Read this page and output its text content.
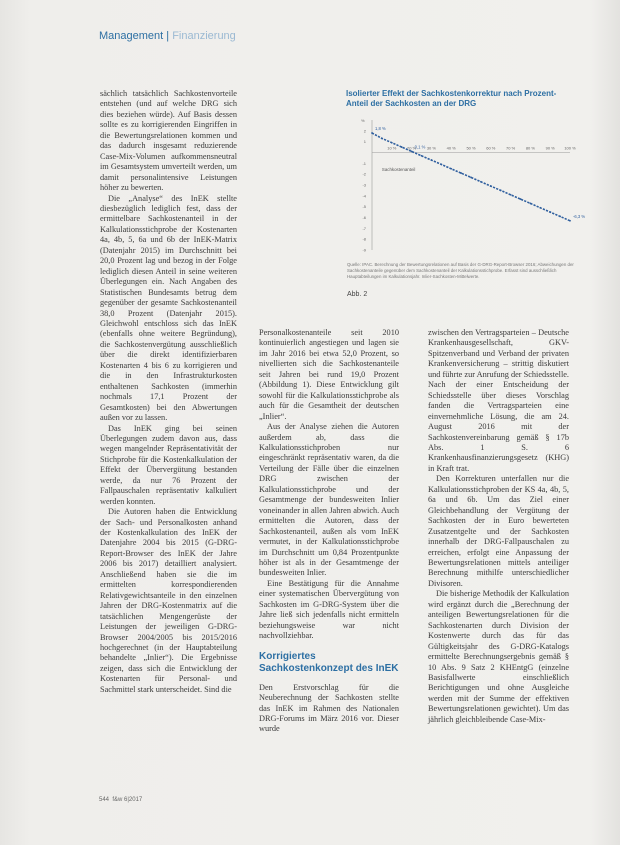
Management | Finanzierung

sächlich tatsächlich Sachkostenvorteile entstehen (und auf welche DRG sich dies beziehen würde). Auf Basis dessen sollte es zu korrigierenden Eingriffen in die Bewertungsrelationen kommen und das dadurch insgesamt reduzierende Case-Mix-Volumen aufkommensneutral im Gesamtsystem umverteilt werden, um damit personalintensive Leistungen höher zu bewerten.

Die „Analyse“ des InEK stellte diesbezüglich lediglich fest, dass der ermittelbare Sachkostenanteil in der Kalkulationsstichprobe der Kostenarten 4a, 4b, 5, 6a und 6b der InEK-Matrix (Datenjahr 2015) im Durchschnitt bei 20,0 Prozent lag und bezog in der Folge lediglich diesen Anteil in seine weiteren Überlegungen ein. Nach Angaben des Statistischen Bundesamts betrug dem gegenüber der gesamte Sachkostenanteil 38,0 Prozent (Datenjahr 2015). Gleichwohl entschloss sich das InEK (ebenfalls ohne weitere Begründung), die Sachkostenvergütung ausschließlich über die direkt identifizierbaren Kostenarten 4 bis 6 zu korrigieren und die in den Infrastrukturkosten enthaltenen Sachkosten (immerhin nochmals 17,1 Prozent der Gesamtkosten) bei den Abwertungen außen vor zu lassen.

Das InEK ging bei seinen Überlegungen zudem davon aus, dass wegen mangelnder Repräsentativität der Stichprobe für die Kostenkalkulation der Effekt der Übervergütung bestanden werde, da nur 76 Prozent der Fallpauschalen repräsentativ kalkuliert werden konnten.

Die Autoren haben die Entwicklung der Sach- und Personalkosten anhand der Kostenkalkulation des InEK der Datenjahre 2004 bis 2015 (G-DRG-Report-Browser des InEK der Jahre 2006 bis 2017) detailliert analysiert. Anschließend haben sie die im ermittelten korrespondierenden Relativgewichtsanteile in den einzelnen Jahren der DRG-Kostenmatrix auf die tatsächlichen Mengengerüste der Leistungen der jeweiligen G-DRG-Browser 2004/2005 bis 2015/2016 hochgerechnet (in der Hauptabteilung behandelte „Inlier“). Die Ergebnisse zeigen, dass sich die Entwicklung der Kostenarten für Personal- und Sachmittel stark unterscheidet. Sind die

Isolierter Effekt der Sachkostenkorrektur nach Prozent-Anteil der Sachkosten an der DRG
%
2
1
-1
-2
-3
-4
-5
-6
-7
-8
-9
10 %	20 %	30 %	40 %	50 %	60 %	70 %	80 %	90 % 100 %
Sachkostenanteil
1,8 %
0,1 %
-6,3 %
Quelle: IPAC. Berechnung der Bewertungsrelationen auf Basis der G-DRG-Report-Browser 2016; Abweichungen der Sachkostenanteile gegenüber dem Sachkostenanteil der Kalkulationsstichprobe. Erfasst sind ausschließlich Hauptabteilungen im Kalkulationsjahr. Inlier-Sachkosten-Mittelwerte.
Abb. 2

Personalkostenanteile seit 2010 kontinuierlich angestiegen und lagen sie im Jahr 2016 bei etwa 52,0 Prozent, so nivellierten sich die Sachkostenanteile seit Jahren bei rund 19,0 Prozent (Abbildung 1). Diese Entwicklung gilt sowohl für die Kalkulationsstichprobe als auch für die Gesamtheit der deutschen „Inlier“.

Aus der Analyse ziehen die Autoren außerdem ab, dass die Kalkulationsstichproben nur eingeschränkt repräsentativ waren, da die Verteilung der Fälle über die einzelnen DRG zwischen der Kalkulationsstichprobe und der Gesamtmenge der bundesweiten Inlier voneinander in allen Jahren abwich. Auch ermittelten die Autoren, dass der Sachkostenanteil, außen als vom InEK vermutet, in der Kalkulationsstichprobe im Durchschnitt um 0,84 Prozentpunkte höher ist als in der Gesamtmenge der bundesweiten Inlier.

Eine Bestätigung für die Annahme einer systematischen Übervergütung von Sachkosten im G-DRG-System über die Jahre ließ sich jedenfalls nicht ermitteln beziehungsweise war nicht nachvollziehbar.

Korrigiertes Sachkostenkonzept des InEK

Den Erstvorschlag für die Neuberechnung der Sachkosten stellte das InEK im Rahmen des Nationalen DRG-Forums im März 2016 vor. Dieser wurde

zwischen den Vertragsparteien – Deutsche Krankenhausgesellschaft, GKV-Spitzenverband und Verband der privaten Krankenversicherung – strittig diskutiert und führte zur Anrufung der Schiedsstelle. Nach der einer Entscheidung der Schiedsstelle über dieses Vorschlag fanden die Vertragsparteien eine einvernehmliche Lösung, die am 24. August 2016 mit der Sachkostenvereinbarung gemäß § 17b Abs. 1 S. 6 Krankenhausfinanzierungsgesetz (KHG) in Kraft trat.

Den Korrekturen unterfallen nur die Kalkulationsstichproben der KS 4a, 4b, 5, 6a und 6b. Um das Ziel einer Gleichbehandlung der Vergütung der Sachkosten der in Euro bewerteten Zusatzentgelte und der Sachkosten innerhalb der DRG-Fallpauschalen zu erreichen, erfolgt eine Anpassung der Bewertungsrelationen mittels anteiliger Berechnung mithilfe unterschiedlicher Divisoren.

Die bisherige Methodik der Kalkulation wird ergänzt durch die „Berechnung der anteiligen Bewertungsrelationen für die Sachkostenarten durch Division der Kostenwerte durch das für das Gültigkeitsjahr des G-DRG-Katalogs ermittelte Berechnungsergebnis gemäß § 10 Abs. 9 Satz 2 KHEntgG (einzelne Basisfallwerte einschließlich Berichtigungen und ohne Ausgleiche werden mit der Summe der effektiven Bewertungsrelationen gewichtet). Um das jährlich gleichbleibende Case-Mix-

544 f&w 6|2017
